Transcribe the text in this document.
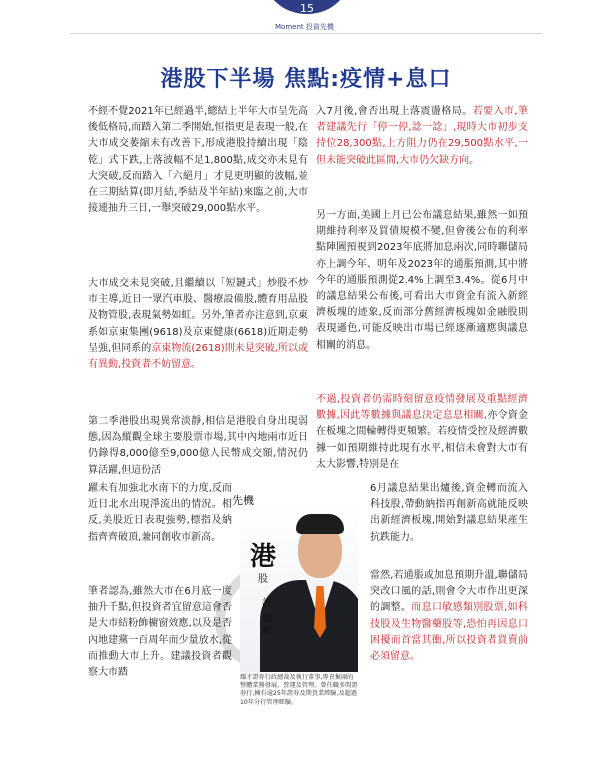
15
Moment 投資先機
港股下半場 焦點:疫情+息口

不經不覺2021年已經過半,總結上半年大市呈先高後低格局,而踏入第二季開始,恒指更是表現一般,在大市成交萎縮未有改善下,形成港股持續出現「陰乾」式下跌,上落波幅不足1,800點,成交亦未見有大突破,反而踏入「六絕月」才見更明顯的波幅,並在三期結算(即月結,季結及半年結)來臨之前,大市接連抽升三日,一舉突破29,000點水平。

大市成交未見突破,且繼續以「短鏈式」炒股不炒市主導,近日一眾汽車股、醫療設備股,體育用品股及物管股,表現氣勢如虹。另外,筆者亦注意到,京東系如京東集團(9618)及京東健康(6618)近期走勢呈強,但同系的京東物流(2618)則未見突破,所以或有異動,投資者不妨留意。

第二季港股出現異常淡靜,相信是港股自身出現弱態,因為縱觀全球主要股票市場,其中內地兩市近日仍錄得8,000億至9,000億人民幣成交額,情況仍算活躍,但這份活

躍未有加強北水南下的力度,反而近日北水出現淨流出的情況。相反,美股近日表現強勢,標指及納指齊齊破頂,兼同創收市新高。

筆者認為,雖然大市在6月底一度抽升千點,但投資者宜留意這會否是大市結粉飾櫥窗效應,以及是否內地建黨一百周年而少量放水,從而推動大市上升。建議投資者觀察大市踏

入7月後,會否出現上落震盪格局。若要入市,筆者建議先行「停一停,諗一諗」,現時大市初步支持位28,300點,上方阻力仍在29,500點水平,一但未能突破此區間,大市仍欠缺方向。

另一方面,美國上月已公布議息結果,雖然一如預期維持利率及買債規模不變,但會後公布的利率點陣圖預視到2023年底將加息兩次,同時聯儲局亦上調今年、明年及2023年的通脹預測,其中將今年的通脹預測從2.4%上調至3.4%。從6月中的議息結果公布後,可看出大市資金有流入新經濟板塊的迹象,反而部分舊經濟板塊如金融股則表現遜色,可能反映出市場已經逐漸適應與議息相關的消息。

不過,投資者仍需時刻留意疫情發展及重點經濟數據,因此等數據與議息決定息息相關,亦令資金在板塊之間輪轉得更頻繁。若疫情受控及經濟數據一如預期維持此現有水平,相信未會對大市有太大影響,特別是在

6月議息結果出爐後,資金轉而流入科技股,帶動納指再創新高就能反映出新經濟板塊,開始對議息結果產生抗跌能力。

當然,若通脹或加息預期升溫,聯儲局突改口風的話,則會令大市作出更深的調整。而息口敏感類別股票,如科技股及生物醫藥股等,恐怕再因息口困擾而首當其衝,所以投資者買賣前必須留意。

先機
港
股
許
繹彬
耀才證券行政總裁及執行董事,專責集團的整體業務發展、營運及管理。曾任職多間證券行,擁有逾25年證券及期貨業經驗,及超過10年分行管理經驗。
